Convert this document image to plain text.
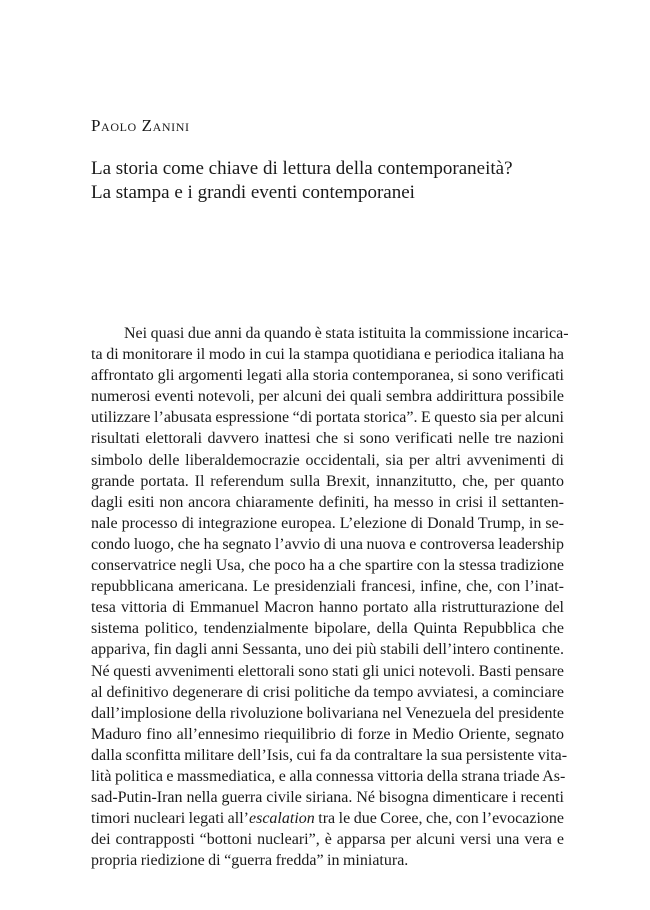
Paolo Zanini
La storia come chiave di lettura della contemporaneità?
La stampa e i grandi eventi contemporanei
Nei quasi due anni da quando è stata istituita la commissione incarica-
ta di monitorare il modo in cui la stampa quotidiana e periodica italiana ha
affrontato gli argomenti legati alla storia contemporanea, si sono verificati
numerosi eventi notevoli, per alcuni dei quali sembra addirittura possibile
utilizzare l’abusata espressione “di portata storica”. E questo sia per alcuni
risultati elettorali davvero inattesi che si sono verificati nelle tre nazioni
simbolo delle liberaldemocrazie occidentali, sia per altri avvenimenti di
grande portata. Il referendum sulla Brexit, innanzitutto, che, per quanto
dagli esiti non ancora chiaramente definiti, ha messo in crisi il settanten-
nale processo di integrazione europea. L’elezione di Donald Trump, in se-
condo luogo, che ha segnato l’avvio di una nuova e controversa leadership
conservatrice negli Usa, che poco ha a che spartire con la stessa tradizione
repubblicana americana. Le presidenziali francesi, infine, che, con l’inat-
tesa vittoria di Emmanuel Macron hanno portato alla ristrutturazione del
sistema politico, tendenzialmente bipolare, della Quinta Repubblica che
appariva, fin dagli anni Sessanta, uno dei più stabili dell’intero continente.
Né questi avvenimenti elettorali sono stati gli unici notevoli. Basti pensare
al definitivo degenerare di crisi politiche da tempo avviatesi, a cominciare
dall’implosione della rivoluzione bolivariana nel Venezuela del presidente
Maduro fino all’ennesimo riequilibrio di forze in Medio Oriente, segnato
dalla sconfitta militare dell’Isis, cui fa da contraltare la sua persistente vita-
lità politica e massmediatica, e alla connessa vittoria della strana triade As-
sad-Putin-Iran nella guerra civile siriana. Né bisogna dimenticare i recenti
timori nucleari legati all’escalation tra le due Coree, che, con l’evocazione
dei contrapposti “bottoni nucleari”, è apparsa per alcuni versi una vera e
propria riedizione di “guerra fredda” in miniatura.
